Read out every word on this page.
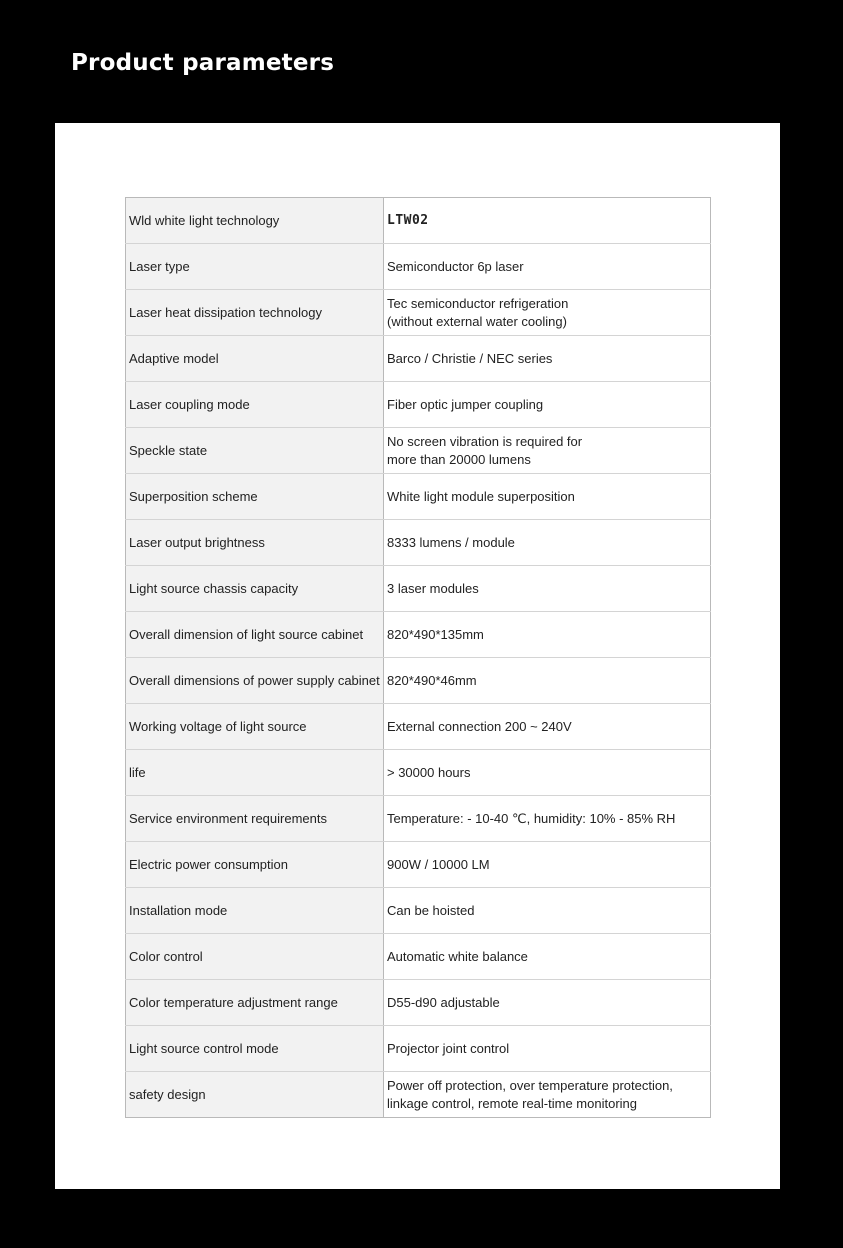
Product parameters
Wld white light technology	LTW02
Laser type	Semiconductor 6p laser
Laser heat dissipation technology	Tec semiconductor refrigeration
(without external water cooling)
Adaptive model	Barco / Christie / NEC series
Laser coupling mode	Fiber optic jumper coupling
Speckle state	No screen vibration is required for
more than 20000 lumens
Superposition scheme	White light module superposition
Laser output brightness	8333 lumens / module
Light source chassis capacity	3 laser modules
Overall dimension of light source cabinet	820*490*135mm
Overall dimensions of power supply cabinet	820*490*46mm
Working voltage of light source	External connection 200 ~ 240V
life	> 30000 hours
Service environment requirements	Temperature: - 10-40 ℃, humidity: 10% - 85% RH
Electric power consumption	900W / 10000 LM
Installation mode	Can be hoisted
Color control	Automatic white balance
Color temperature adjustment range	D55-d90 adjustable
Light source control mode	Projector joint control
safety design	Power off protection, over temperature protection,
linkage control, remote real-time monitoring
